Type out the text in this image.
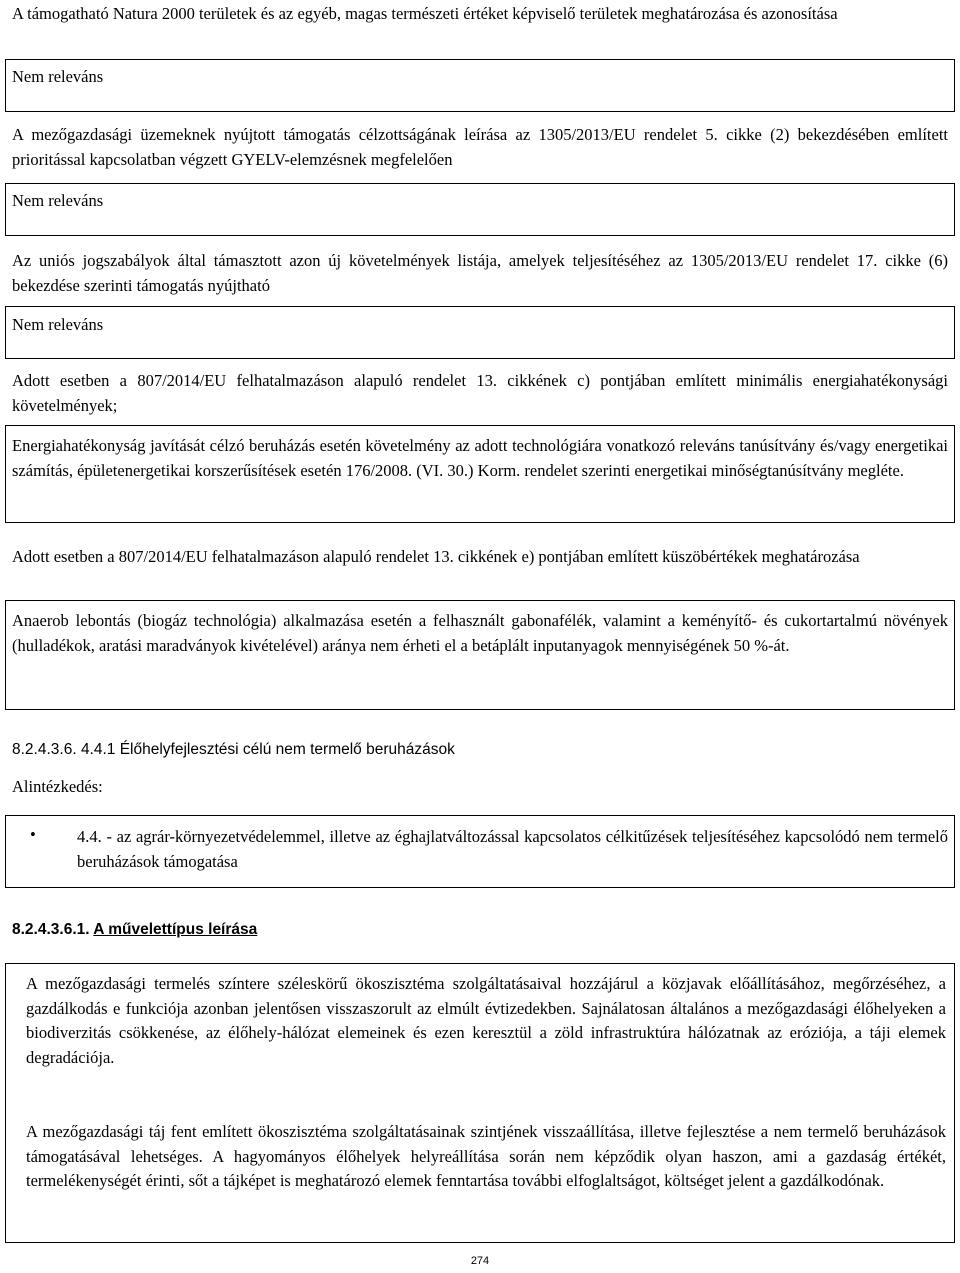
A támogatható Natura 2000 területek és az egyéb, magas természeti értéket képviselő területek meghatározása és azonosítása

Nem releváns

A mezőgazdasági üzemeknek nyújtott támogatás célzottságának leírása az 1305/2013/EU rendelet 5. cikke (2) bekezdésében említett prioritással kapcsolatban végzett GYELV-elemzésnek megfelelően

Nem releváns

Az uniós jogszabályok által támasztott azon új követelmények listája, amelyek teljesítéséhez az 1305/2013/EU rendelet 17. cikke (6) bekezdése szerinti támogatás nyújtható

Nem releváns

Adott esetben a 807/2014/EU felhatalmazáson alapuló rendelet 13. cikkének c) pontjában említett minimális energiahatékonysági követelmények;

Energiahatékonyság javítását célzó beruházás esetén követelmény az adott technológiára vonatkozó releváns tanúsítvány és/vagy energetikai számítás, épületenergetikai korszerűsítések esetén 176/2008. (VI. 30.) Korm. rendelet szerinti energetikai minőségtanúsítvány megléte.

Adott esetben a 807/2014/EU felhatalmazáson alapuló rendelet 13. cikkének e) pontjában említett küszöbértékek meghatározása

Anaerob lebontás (biogáz technológia) alkalmazása esetén a felhasznált gabonafélék, valamint a keményítő- és cukortartalmú növények (hulladékok, aratási maradványok kivételével) aránya nem érheti el a betáplált inputanyagok mennyiségének 50 %-át.

8.2.4.3.6. 4.4.1 Élőhelyfejlesztési célú nem termelő beruházások
Alintézkedés:
• 4.4. - az agrár-környezetvédelemmel, illetve az éghajlatváltozással kapcsolatos célkitűzések teljesítéséhez kapcsolódó nem termelő beruházások támogatása

8.2.4.3.6.1. A művelettípus leírása

A mezőgazdasági termelés színtere széleskörű ökoszisztéma szolgáltatásaival hozzájárul a közjavak előállításához, megőrzéséhez, a gazdálkodás e funkciója azonban jelentősen visszaszorult az elmúlt évtizedekben. Sajnálatosan általános a mezőgazdasági élőhelyeken a biodiverzitás csökkenése, az élőhely-hálózat elemeinek és ezen keresztül a zöld infrastruktúra hálózatnak az eróziója, a táji elemek degradációja.

A mezőgazdasági táj fent említett ökoszisztéma szolgáltatásainak szintjének visszaállítása, illetve fejlesztése a nem termelő beruházások támogatásával lehetséges. A hagyományos élőhelyek helyreállítása során nem képződik olyan haszon, ami a gazdaság értékét, termelékenységét érinti, sőt a tájképet is meghatározó elemek fenntartása további elfoglaltságot, költséget jelent a gazdálkodónak.

274
